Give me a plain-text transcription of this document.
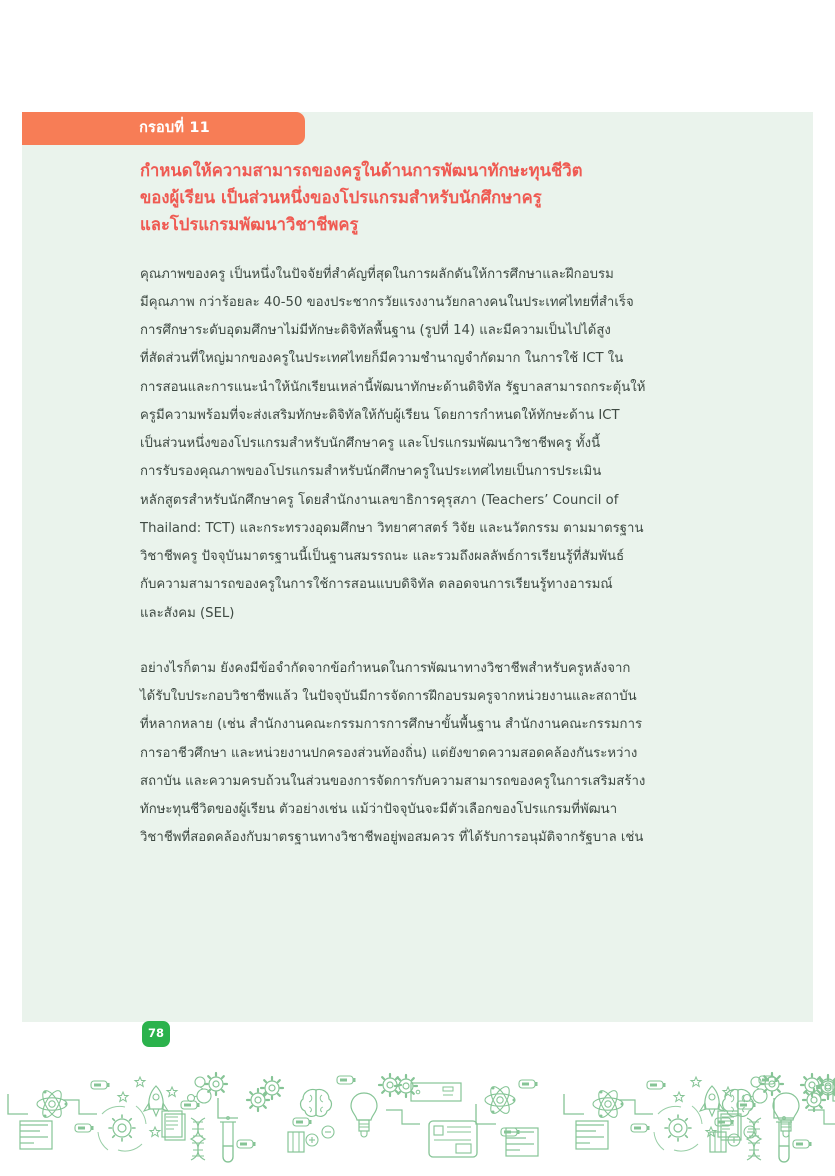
กรอบที่ 11
กำหนดให้ความสามารถของครูในด้านการพัฒนาทักษะทุนชีวิต
ของผู้เรียน เป็นส่วนหนึ่งของโปรแกรมสำหรับนักศึกษาครู
และโปรแกรมพัฒนาวิชาชีพครู

คุณภาพของครู เป็นหนึ่งในปัจจัยที่สำคัญที่สุดในการผลักดันให้การศึกษาและฝึกอบรม
มีคุณภาพ กว่าร้อยละ 40-50 ของประชากรวัยแรงงานวัยกลางคนในประเทศไทยที่สำเร็จ
การศึกษาระดับอุดมศึกษาไม่มีทักษะดิจิทัลพื้นฐาน (รูปที่ 14) และมีความเป็นไปได้สูง
ที่สัดส่วนที่ใหญ่มากของครูในประเทศไทยก็มีความชำนาญจำกัดมาก ในการใช้ ICT ใน
การสอนและการแนะนำให้นักเรียนเหล่านี้พัฒนาทักษะด้านดิจิทัล รัฐบาลสามารถกระตุ้นให้
ครูมีความพร้อมที่จะส่งเสริมทักษะดิจิทัลให้กับผู้เรียน โดยการกำหนดให้ทักษะด้าน ICT
เป็นส่วนหนึ่งของโปรแกรมสำหรับนักศึกษาครู และโปรแกรมพัฒนาวิชาชีพครู ทั้งนี้
การรับรองคุณภาพของโปรแกรมสำหรับนักศึกษาครูในประเทศไทยเป็นการประเมิน
หลักสูตรสำหรับนักศึกษาครู โดยสำนักงานเลขาธิการคุรุสภา (Teachers’ Council of
Thailand: TCT) และกระทรวงอุดมศึกษา วิทยาศาสตร์ วิจัย และนวัตกรรม ตามมาตรฐาน
วิชาชีพครู ปัจจุบันมาตรฐานนี้เป็นฐานสมรรถนะ และรวมถึงผลลัพธ์การเรียนรู้ที่สัมพันธ์
กับความสามารถของครูในการใช้การสอนแบบดิจิทัล ตลอดจนการเรียนรู้ทางอารมณ์
และสังคม (SEL)

อย่างไรก็ตาม ยังคงมีข้อจำกัดจากข้อกำหนดในการพัฒนาทางวิชาชีพสำหรับครูหลังจาก
ได้รับใบประกอบวิชาชีพแล้ว ในปัจจุบันมีการจัดการฝึกอบรมครูจากหน่วยงานและสถาบัน
ที่หลากหลาย (เช่น สำนักงานคณะกรรมการการศึกษาขั้นพื้นฐาน สำนักงานคณะกรรมการ
การอาชีวศึกษา และหน่วยงานปกครองส่วนท้องถิ่น) แต่ยังขาดความสอดคล้องกันระหว่าง
สถาบัน และความครบถ้วนในส่วนของการจัดการกับความสามารถของครูในการเสริมสร้าง
ทักษะทุนชีวิตของผู้เรียน ตัวอย่างเช่น แม้ว่าปัจจุบันจะมีตัวเลือกของโปรแกรมที่พัฒนา
วิชาชีพที่สอดคล้องกับมาตรฐานทางวิชาชีพอยู่พอสมควร ที่ได้รับการอนุมัติจากรัฐบาล เช่น

78
